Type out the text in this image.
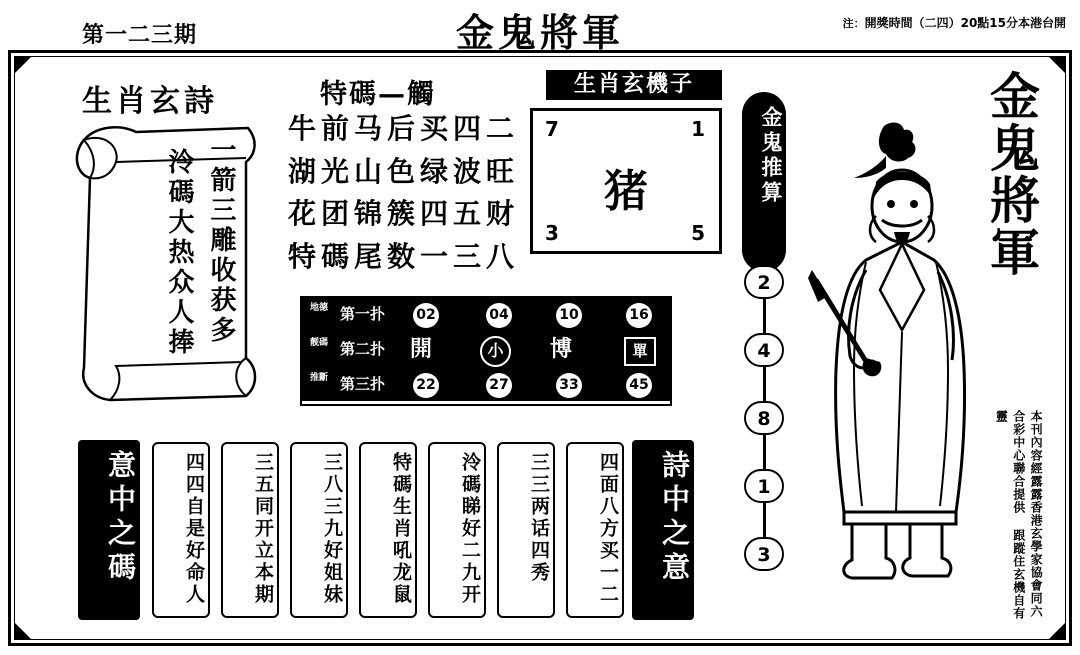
第一二三期	金鬼將軍	注：開獎時間（二四）20點15分本港台開
生肖玄詩	特碼—觸
一箭三雕收获多
泠碼大热众人捧
牛前马后买四二
湖光山色绿波旺
花团锦簇四五财
特碼尾数一三八
生肖玄機子
7	1
3	5
猪
地德 第一扑	02	04	10	16
靓碼 第二扑 開	小	博	單
推斷 第三扑	22	27	33	45
意中之碼	四四自是好命人	三五同开立本期	三八三九好姐妹	特碼生肖吼龙鼠	泠碼睇好二九开	三三两话四秀	四面八方买一二	詩中之意
金鬼推算
2
4
8
1
3
金鬼將軍
本刊內容經露露香港玄學家協會同六合彩中心聯合提供 跟蹤住玄機自有靈
